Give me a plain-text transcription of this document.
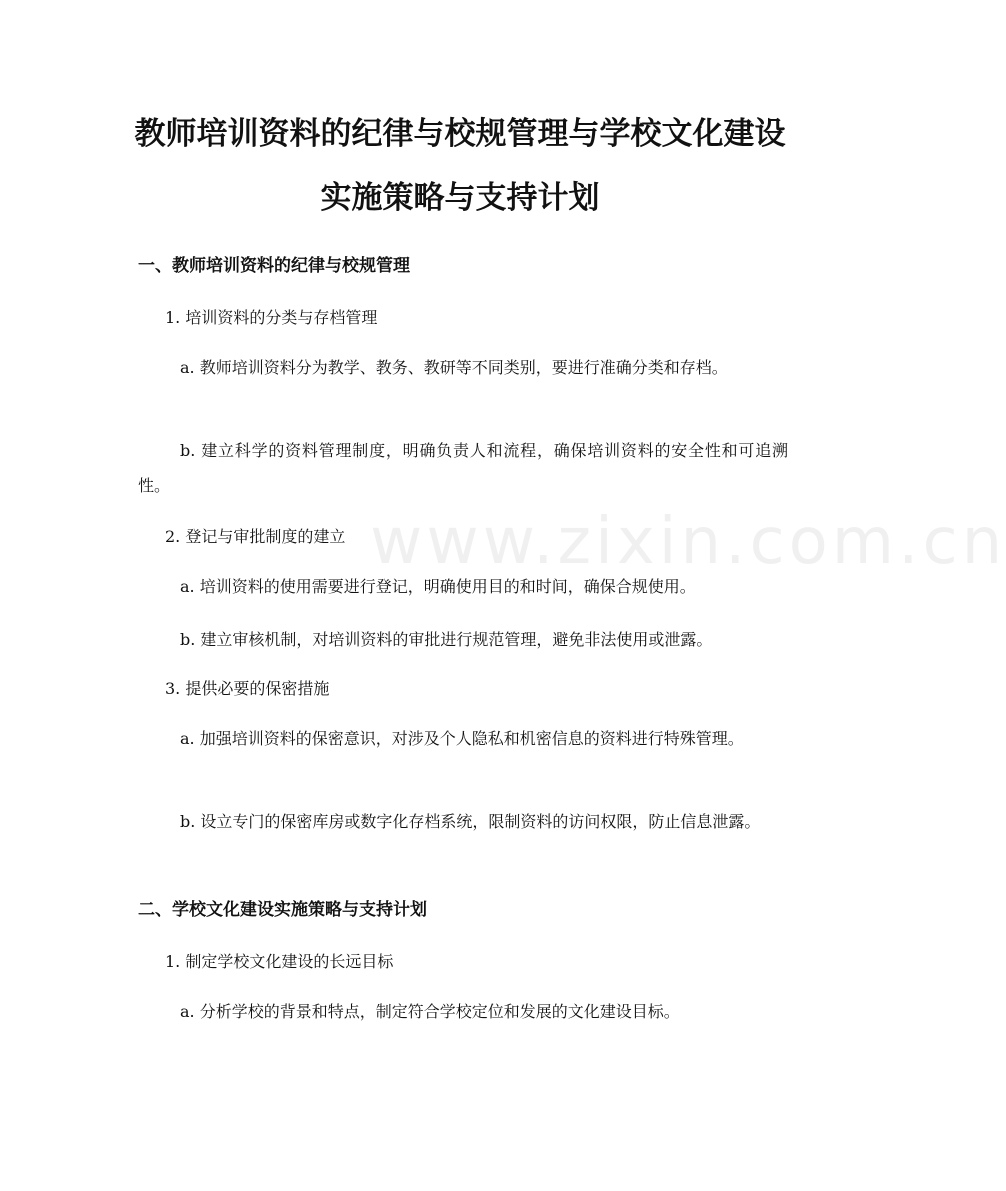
www.zixin.com.cn
教师培训资料的纪律与校规管理与学校文化建设实施策略与支持计划
一、教师培训资料的纪律与校规管理

1. 培训资料的分类与存档管理

a. 教师培训资料分为教学、教务、教研等不同类别，要进行准确分类和存档。

b. 建立科学的资料管理制度，明确负责人和流程，确保培训资料的安全性和可追溯性。

2. 登记与审批制度的建立

a. 培训资料的使用需要进行登记，明确使用目的和时间，确保合规使用。

b. 建立审核机制，对培训资料的审批进行规范管理，避免非法使用或泄露。

3. 提供必要的保密措施

a. 加强培训资料的保密意识，对涉及个人隐私和机密信息的资料进行特殊管理。

b. 设立专门的保密库房或数字化存档系统，限制资料的访问权限，防止信息泄露。

二、学校文化建设实施策略与支持计划

1. 制定学校文化建设的长远目标

a. 分析学校的背景和特点，制定符合学校定位和发展的文化建设目标。
